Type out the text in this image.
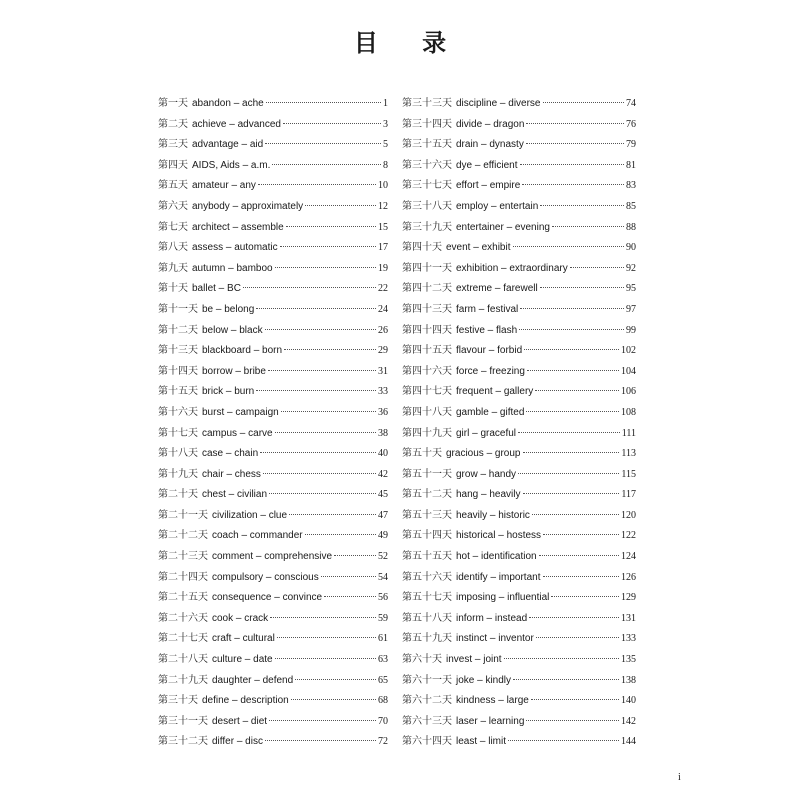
目 录
第一天 abandon – ache	1
第二天 achieve – advanced	3
第三天 advantage – aid	5
第四天 AIDS, Aids – a.m.	8
第五天 amateur – any	10
第六天 anybody – approximately	12
第七天 architect – assemble	15
第八天 assess – automatic	17
第九天 autumn – bamboo	19
第十天 ballet – BC	22
第十一天 be – belong	24
第十二天 below – black	26
第十三天 blackboard – born	29
第十四天 borrow – bribe	31
第十五天 brick – burn	33
第十六天 burst – campaign	36
第十七天 campus – carve	38
第十八天 case – chain	40
第十九天 chair – chess	42
第二十天 chest – civilian	45
第二十一天 civilization – clue	47
第二十二天 coach – commander	49
第二十三天 comment – comprehensive	52
第二十四天 compulsory – conscious	54
第二十五天 consequence – convince	56
第二十六天 cook – crack	59
第二十七天 craft – cultural	61
第二十八天 culture – date	63
第二十九天 daughter – defend	65
第三十天 define – description	68
第三十一天 desert – diet	70
第三十二天 differ – disc	72
第三十三天 discipline – diverse	74
第三十四天 divide – dragon	76
第三十五天 drain – dynasty	79
第三十六天 dye – efficient	81
第三十七天 effort – empire	83
第三十八天 employ – entertain	85
第三十九天 entertainer – evening	88
第四十天 event – exhibit	90
第四十一天 exhibition – extraordinary	92
第四十二天 extreme – farewell	95
第四十三天 farm – festival	97
第四十四天 festive – flash	99
第四十五天 flavour – forbid	102
第四十六天 force – freezing	104
第四十七天 frequent – gallery	106
第四十八天 gamble – gifted	108
第四十九天 girl – graceful	111
第五十天 gracious – group	113
第五十一天 grow – handy	115
第五十二天 hang – heavily	117
第五十三天 heavily – historic	120
第五十四天 historical – hostess	122
第五十五天 hot – identification	124
第五十六天 identify – important	126
第五十七天 imposing – influential	129
第五十八天 inform – instead	131
第五十九天 instinct – inventor	133
第六十天 invest – joint	135
第六十一天 joke – kindly	138
第六十二天 kindness – large	140
第六十三天 laser – learning	142
第六十四天 least – limit	144
i
